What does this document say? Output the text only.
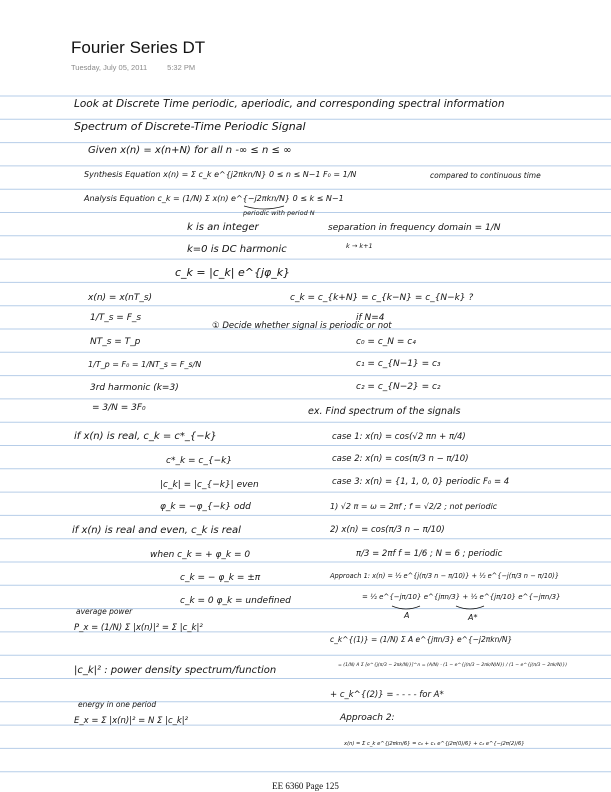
Fourier Series DT
Tuesday, July 05, 2011	5:32 PM
Look at Discrete Time periodic, aperiodic, and corresponding spectral information
Spectrum of Discrete-Time Periodic Signal
Given x(n) = x(n+N) for all n -∞ ≤ n ≤ ∞
Synthesis Equation x(n) = Σ c_k e^{j2πkn/N} 0 ≤ n ≤ N−1 F₀ = 1/N	compared to continuous time
Analysis Equation c_k = (1/N) Σ x(n) e^{−j2πkn/N} 0 ≤ k ≤ N−1
periodic with period N
k is an integer	separation in frequency domain = 1/N
k → k+1
k=0 is DC harmonic
c_k = |c_k| e^{jφ_k}
x(n) = x(nT_s)
1/T_s = F_s
NT_s = T_p
1/T_p = F₀ = 1/NT_s = F_s/N
3rd harmonic (k=3)
= 3/N = 3F₀
c_k = c_{k+N} = c_{k−N} = c_{N−k} ?
if N=4
c₀ = c_N = c₄
c₁ = c_{N−1} = c₃
c₂ = c_{N−2} = c₂
① Decide whether signal is periodic or not
if x(n) is real, c_k = c*_{−k}
c*_k = c_{−k}
|c_k| = |c_{−k}| even
φ_k = −φ_{−k} odd
if x(n) is real and even, c_k is real
when c_k = + φ_k = 0
c_k = − φ_k = ±π
c_k = 0 φ_k = undefined
average power
P_x = (1/N) Σ |x(n)|² = Σ |c_k|²
|c_k|² : power density spectrum/function
energy in one period
E_x = Σ |x(n)|² = N Σ |c_k|²
ex. Find spectrum of the signals
case 1: x(n) = cos(√2 πn + π/4)
case 2: x(n) = cos(π/3 n − π/10)
case 3: x(n) = {1, 1, 0, 0} periodic F₀ = 4
1) √2 π = ω = 2πf ; f = √2/2 ; not periodic
2) x(n) = cos(π/3 n − π/10)
π/3 = 2πf f = 1/6 ; N = 6 ; periodic
Approach 1: x(n) = ½ e^{j(π/3 n − π/10)} + ½ e^{−j(π/3 n − π/10)}
= ½ e^{−jπ/10} e^{jπn/3} + ½ e^{jπ/10} e^{−jπn/3}
A	A*
c_k^{(1)} = (1/N) Σ A e^{jπn/3} e^{−j2πkn/N}
= (1/N) A Σ [e^{j(π/3 − 2πk/N)}]^n = (A/N) · (1 − e^{j(π/3 − 2πk/N)N}) / (1 − e^{j(π/3 − 2πk/N)})
+ c_k^{(2)} = - - - - for A*
Approach 2:
x(n) = Σ c_k e^{j2πkn/6} = c₀ + c₁ e^{j2π(0)/6} + c₂ e^{−j2π(2)/6}
EE 6360 Page 125
